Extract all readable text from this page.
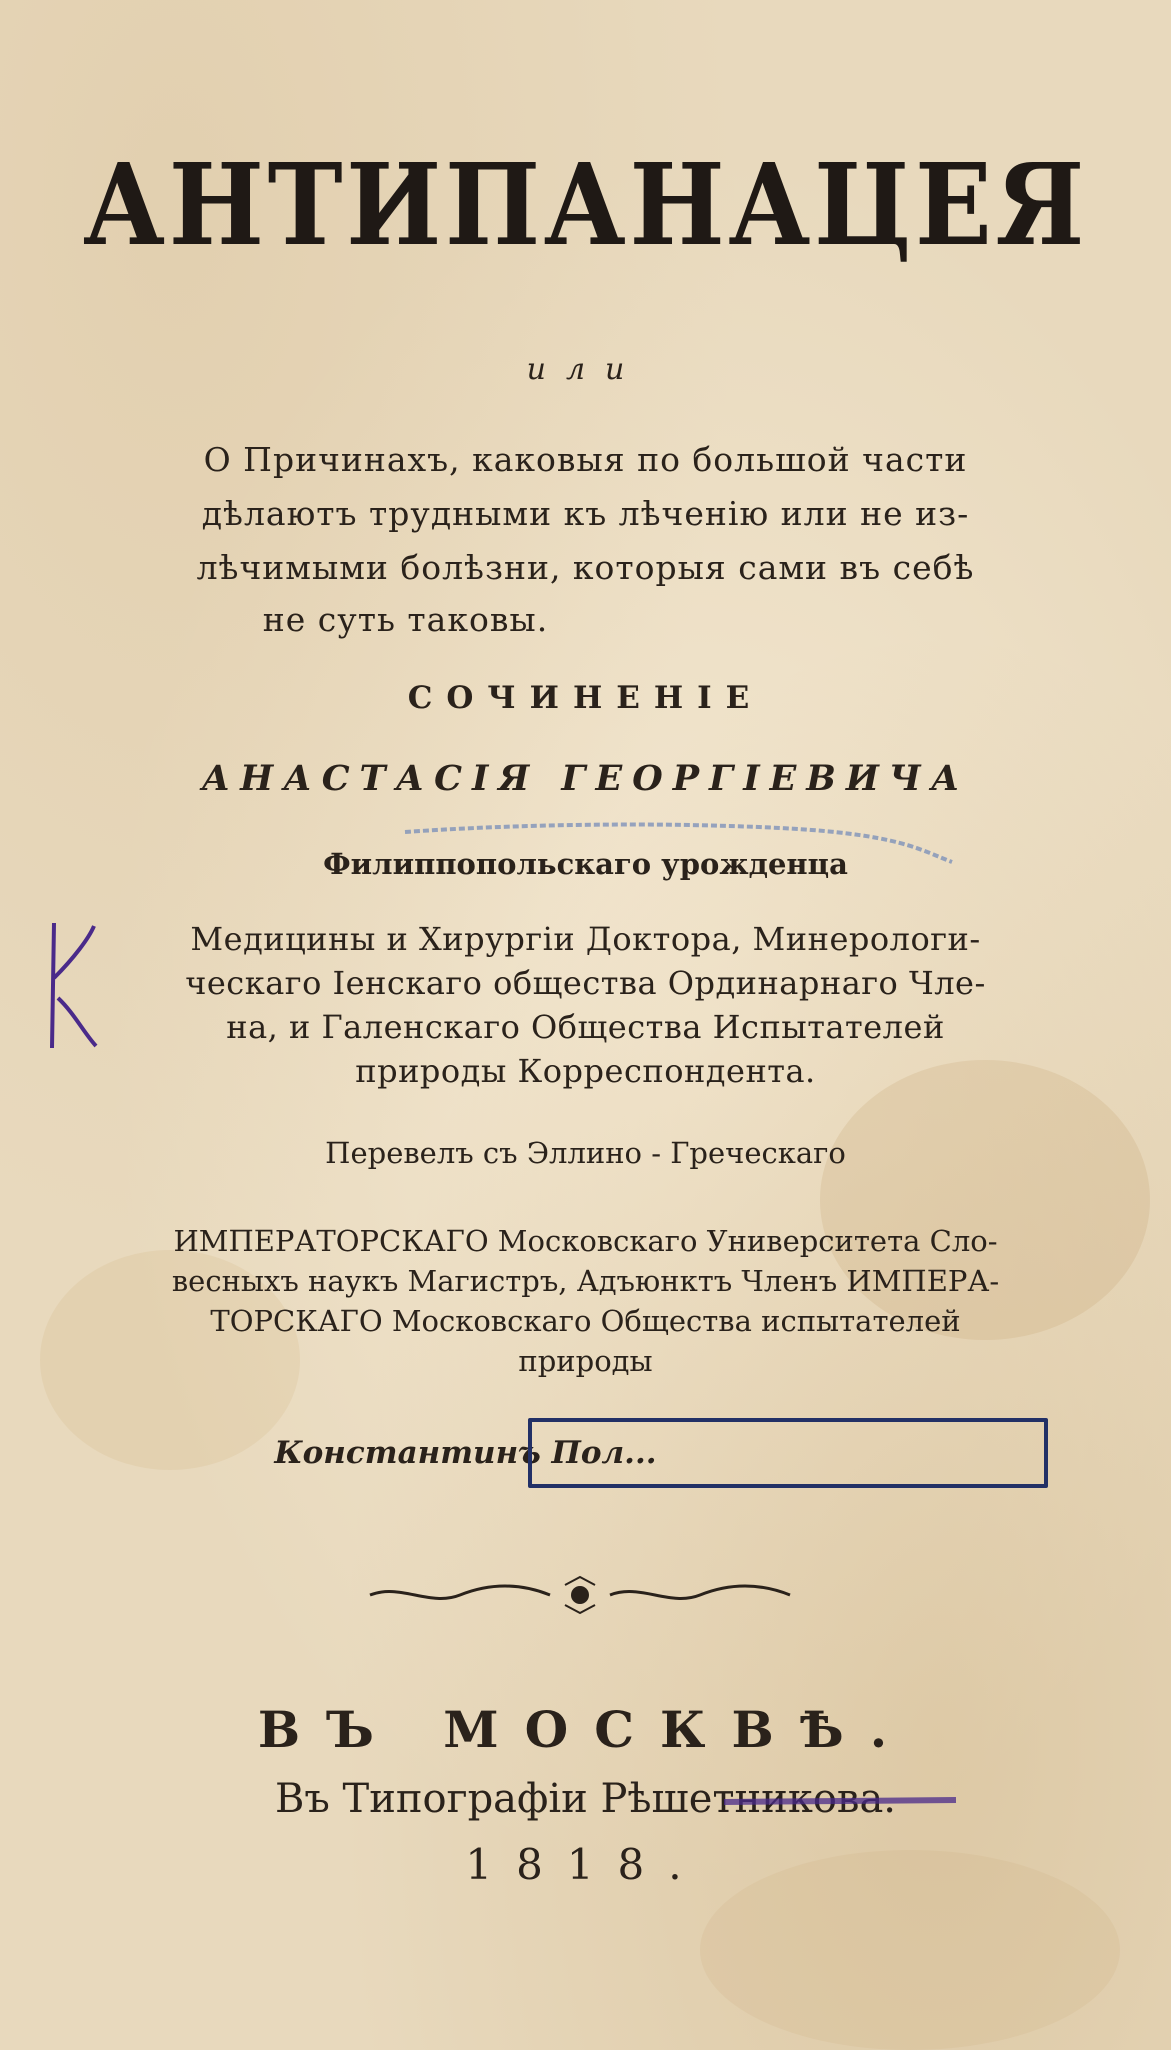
АНТИПАНАЦЕЯ
или
О Причинахъ, каковыя по большой части
дѣлаютъ трудными къ лѣченію или не из-
лѣчимыми болѣзни, которыя сами въ себѣ
не суть таковы.
СОЧИНЕНІЕ
АНАСТАСІЯ ГЕОРГІЕВИЧА
Филиппопольскаго урожденца
Медицины и Хирургіи Доктора, Минерологи-
ческаго Іенскаго общества Ординарнаго Чле-
на, и Галенскаго Общества Испытателей
природы Корреспондента.
Перевелъ съ Эллино - Греческаго
ИМПЕРАТОРСКАГО Московскаго Университета Сло-
весныхъ наукъ Магистръ, Адъюнктъ Членъ ИМПЕРА-
ТОРСКАГО Московскаго Общества испытателей
природы
Константинъ Пол...
ВЪ МОСКВѢ.
Въ Типографіи Рѣшетникова.
1818.
